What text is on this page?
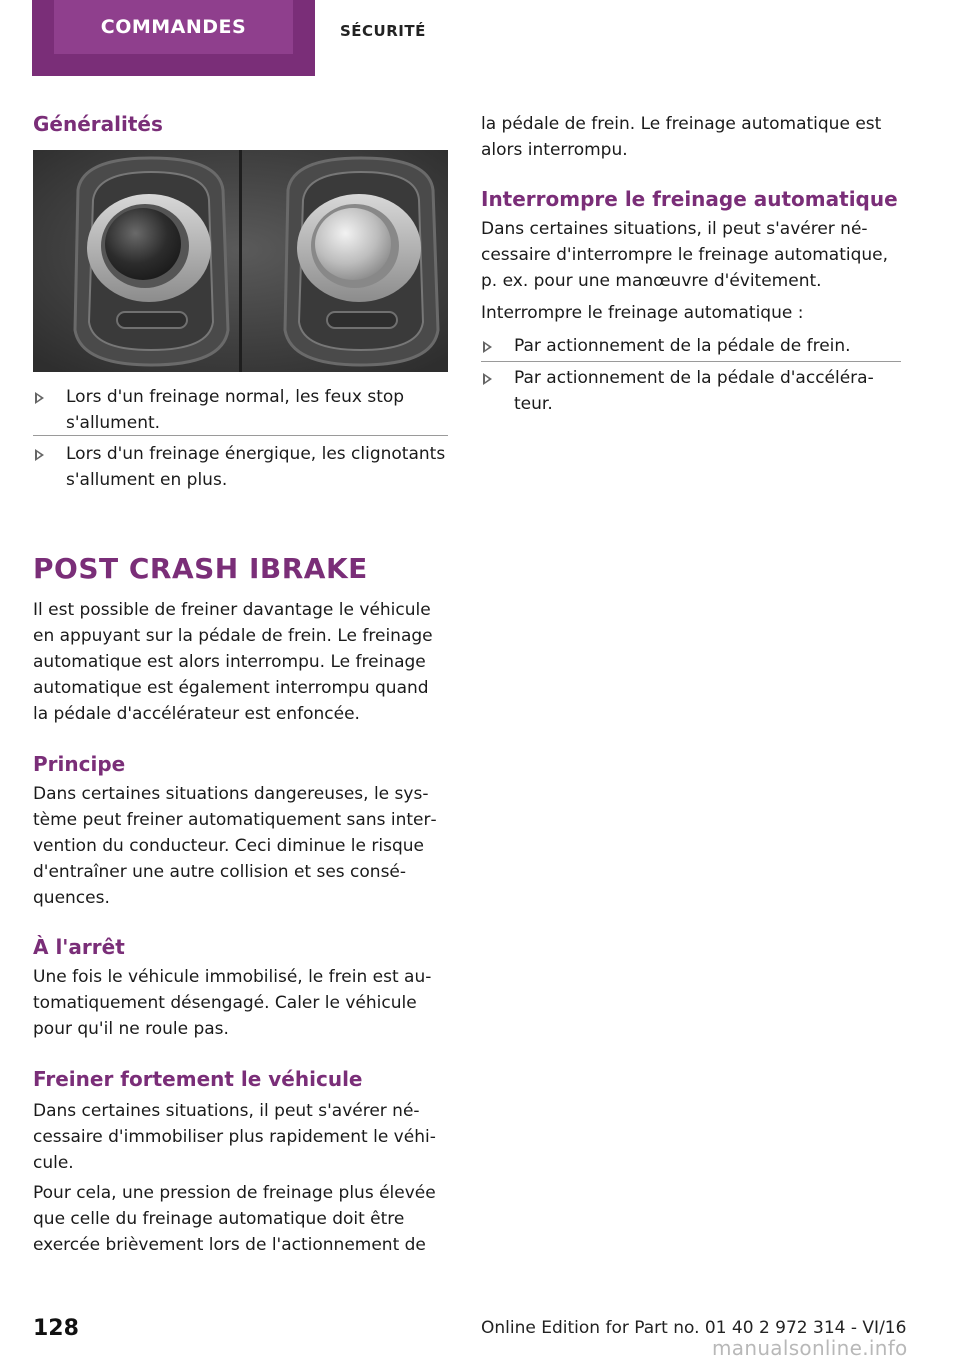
COMMANDES	SÉCURITÉ
Généralités
Lors d'un freinage normal, les feux stop s'allument.
Lors d'un freinage énergique, les clignotants s'allument en plus.
POST CRASH IBRAKE
Il est possible de freiner davantage le véhicule en appuyant sur la pédale de frein. Le freinage automatique est alors interrompu. Le freinage automatique est également interrompu quand la pédale d'accélérateur est enfoncée.
Principe
Dans certaines situations dangereuses, le système peut freiner automatiquement sans intervention du conducteur. Ceci diminue le risque d'entraîner une autre collision et ses conséquences.
À l'arrêt
Une fois le véhicule immobilisé, le frein est automatiquement désengagé. Caler le véhicule pour qu'il ne roule pas.
Freiner fortement le véhicule
Dans certaines situations, il peut s'avérer nécessaire d'immobiliser plus rapidement le véhicule.
Pour cela, une pression de freinage plus élevée que celle du freinage automatique doit être exercée brièvement lors de l'actionnement de
la pédale de frein. Le freinage automatique est alors interrompu.
Interrompre le freinage automatique
Dans certaines situations, il peut s'avérer nécessaire d'interrompre le freinage automatique, p. ex. pour une manœuvre d'évitement.
Interrompre le freinage automatique :
Par actionnement de la pédale de frein.
Par actionnement de la pédale d'accélérateur.
128	Online Edition for Part no. 01 40 2 972 314 - VI/16
manualsonline.info
